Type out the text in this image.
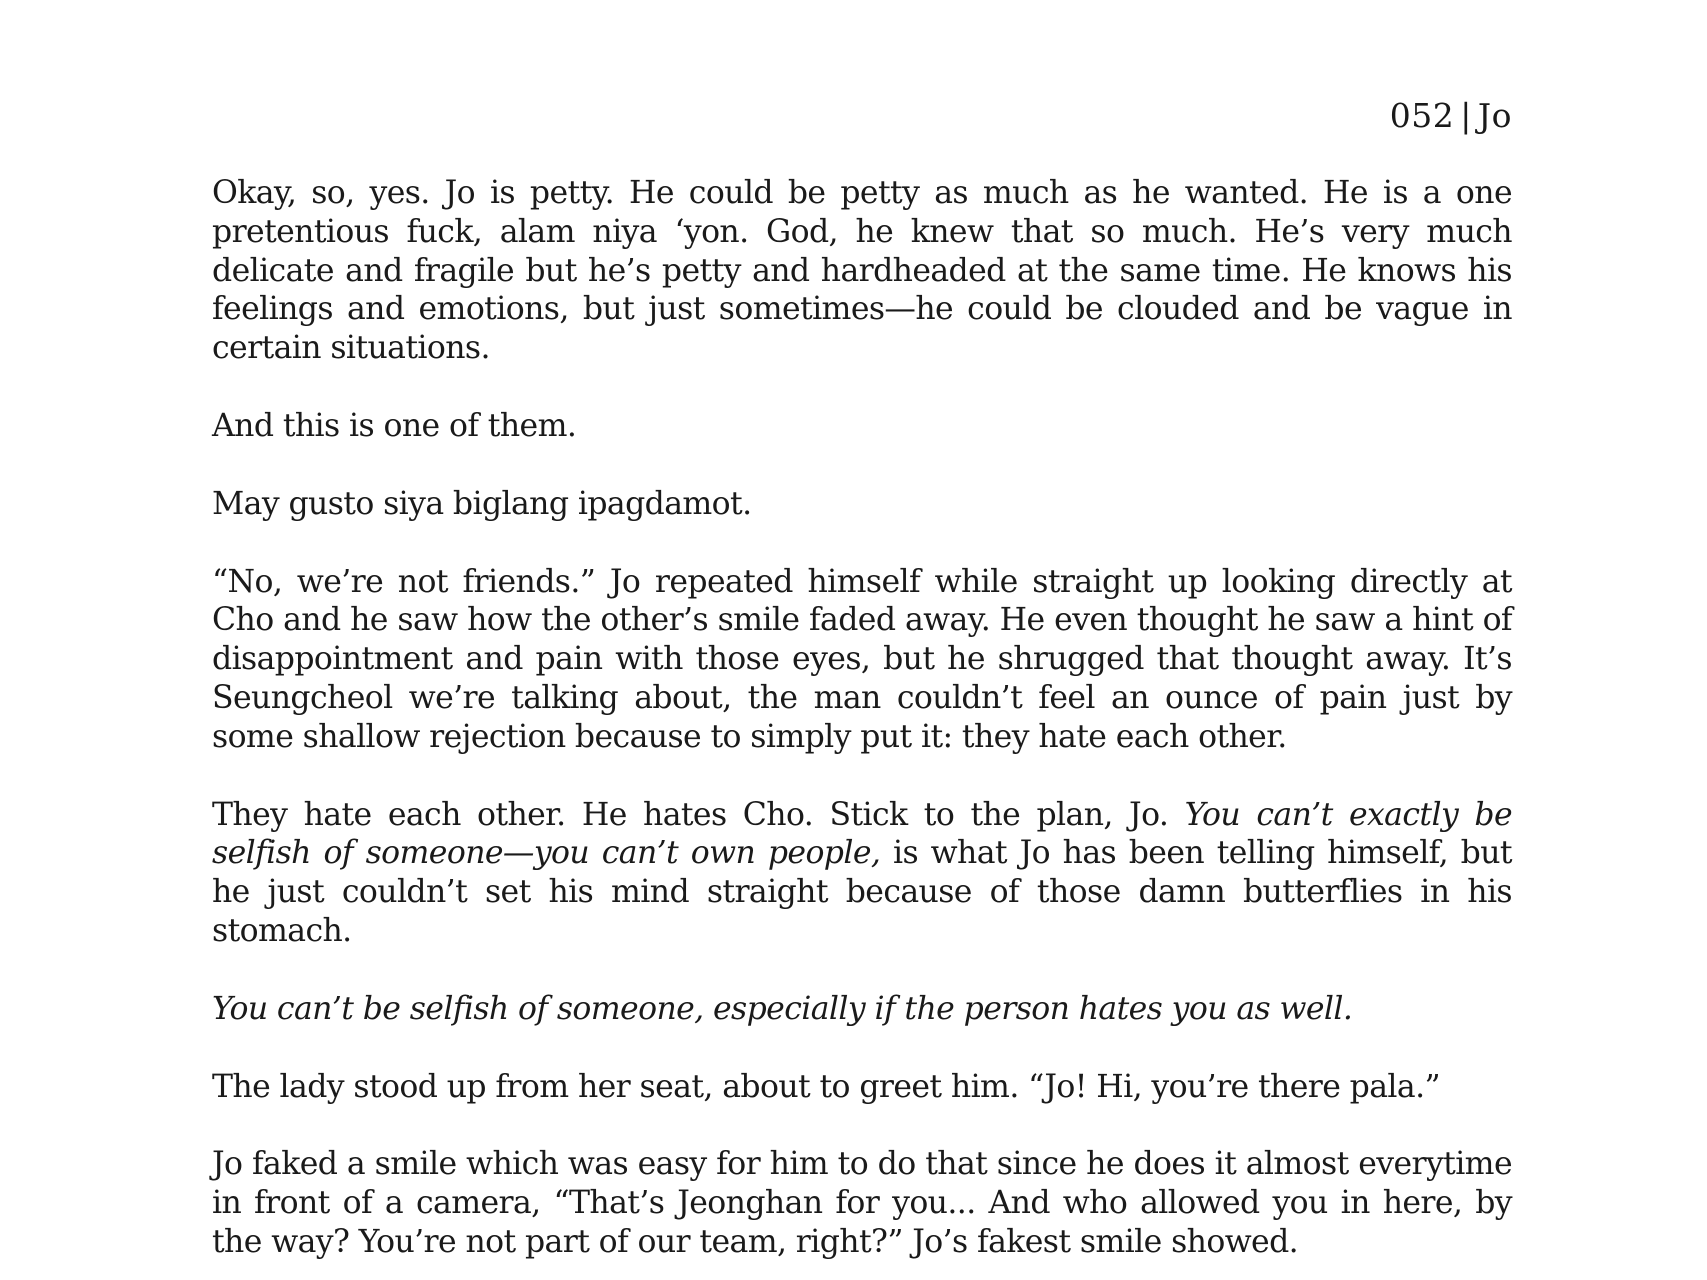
052 | Jo

Okay, so, yes. Jo is petty. He could be petty as much as he wanted. He is a one pretentious fuck, alam niya ‘yon. God, he knew that so much. He’s very much delicate and fragile but he’s petty and hardheaded at the same time. He knows his feelings and emotions, but just sometimes—he could be clouded and be vague in certain situations.

And this is one of them.

May gusto siya biglang ipagdamot.

“No, we’re not friends.” Jo repeated himself while straight up looking directly at Cho and he saw how the other’s smile faded away. He even thought he saw a hint of disappointment and pain with those eyes, but he shrugged that thought away. It’s Seungcheol we’re talking about, the man couldn’t feel an ounce of pain just by some shallow rejection because to simply put it: they hate each other.

They hate each other. He hates Cho. Stick to the plan, Jo. You can’t exactly be selfish of someone—you can’t own people, is what Jo has been telling himself, but he just couldn’t set his mind straight because of those damn butterflies in his stomach.

You can’t be selfish of someone, especially if the person hates you as well.

The lady stood up from her seat, about to greet him. “Jo! Hi, you’re there pala.”

Jo faked a smile which was easy for him to do that since he does it almost everytime in front of a camera, “That’s Jeonghan for you... And who allowed you in here, by the way? You’re not part of our team, right?” Jo’s fakest smile showed.
